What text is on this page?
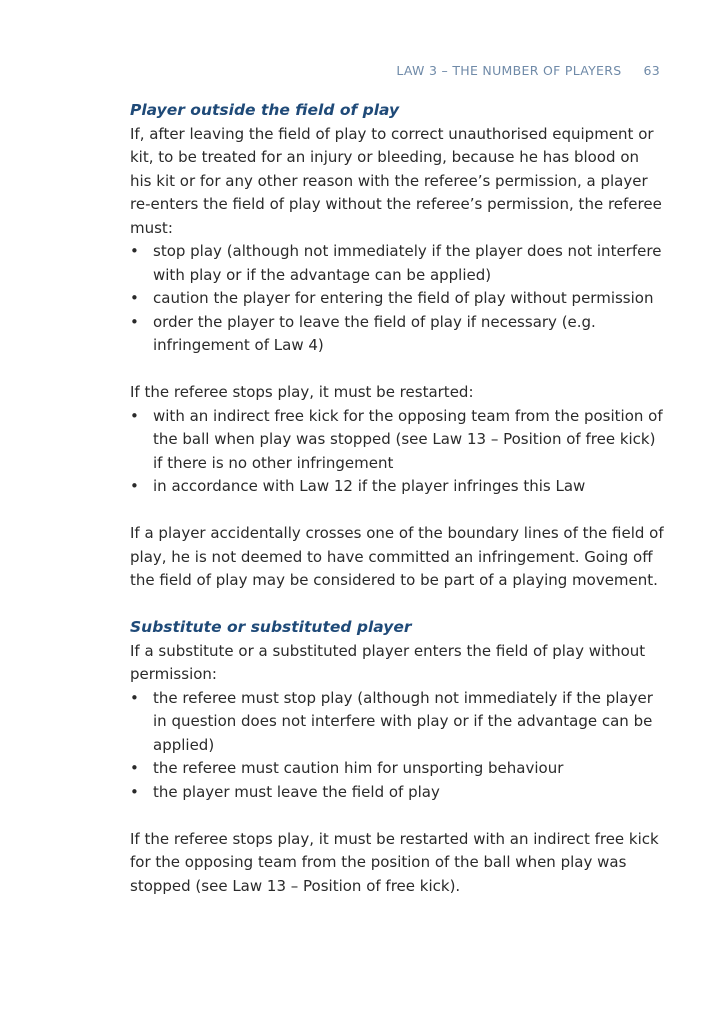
LAW 3 – THE NUMBER OF PLAYERS 63
Player outside the field of play

If, after leaving the field of play to correct unauthorised equipment or kit, to be treated for an injury or bleeding, because he has blood on his kit or for any other reason with the referee’s permission, a player re-enters the field of play without the referee’s permission, the referee must:

• stop play (although not immediately if the player does not interfere with play or if the advantage can be applied)
• caution the player for entering the field of play without permission
• order the player to leave the field of play if necessary (e.g. infringement of Law 4)

If the referee stops play, it must be restarted:

• with an indirect free kick for the opposing team from the position of the ball when play was stopped (see Law 13 – Position of free kick) if there is no other infringement
• in accordance with Law 12 if the player infringes this Law

If a player accidentally crosses one of the boundary lines of the field of play, he is not deemed to have committed an infringement. Going off the field of play may be considered to be part of a playing movement.

Substitute or substituted player

If a substitute or a substituted player enters the field of play without permission:

• the referee must stop play (although not immediately if the player in question does not interfere with play or if the advantage can be applied)
• the referee must caution him for unsporting behaviour
• the player must leave the field of play

If the referee stops play, it must be restarted with an indirect free kick for the opposing team from the position of the ball when play was stopped (see Law 13 – Position of free kick).
